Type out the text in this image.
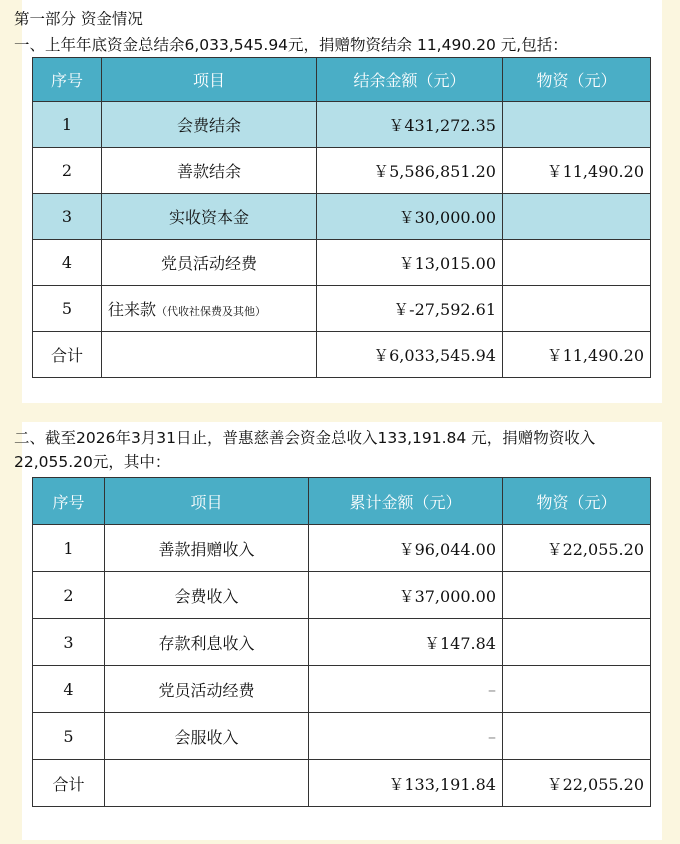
第一部分 资金情况
一、上年年底资金总结余6,033,545.94元，捐赠物资结余 11,490.20 元,包括：
序号	项目	结余金额（元）	物资（元）
1	会费结余	￥431,272.35	
2	善款结余	￥5,586,851.20	￥11,490.20
3	实收资本金	￥30,000.00	
4	党员活动经费	￥13,015.00	
5	往来款（代收社保费及其他）	￥-27,592.61	
合计		￥6,033,545.94	￥11,490.20
二、截至2026年3月31日止，普惠慈善会资金总收入133,191.84 元，捐赠物资收入22,055.20元，其中：
序号	项目	累计金额（元）	物资（元）
1	善款捐赠收入	￥96,044.00	￥22,055.20
2	会费收入	￥37,000.00	
3	存款利息收入	￥147.84	
4	党员活动经费	–	
5	会服收入	–	
合计		￥133,191.84	￥22,055.20
